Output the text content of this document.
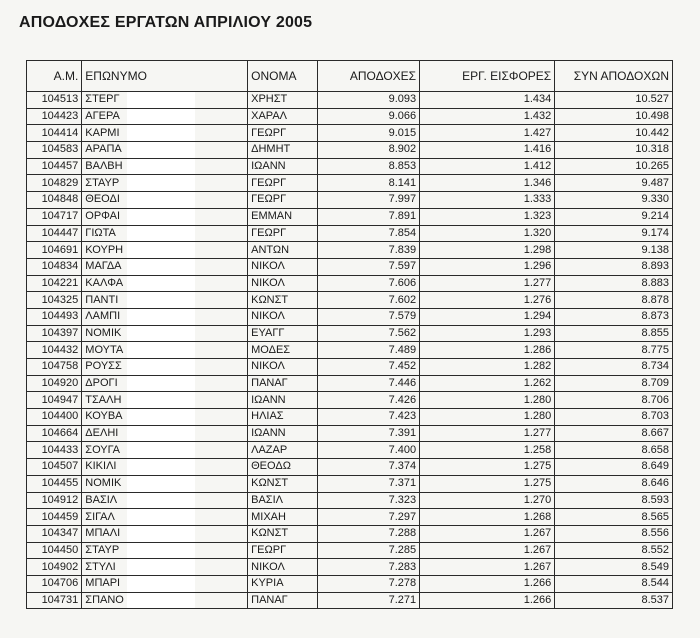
ΑΠΟΔΟΧΕΣ ΕΡΓΑΤΩΝ ΑΠΡΙΛΙΟΥ 2005
Α.Μ.	ΕΠΩΝΥΜΟ	ΟΝΟΜΑ	ΑΠΟΔΟΧΕΣ	ΕΡΓ. ΕΙΣΦΟΡΕΣ	ΣΥΝ ΑΠΟΔΟΧΩΝ
104513	ΣΤΕΡΓ	ΧΡΗΣΤ	9.093	1.434	10.527
104423	ΑΓΕΡΑ	ΧΑΡΑΛ	9.066	1.432	10.498
104414	ΚΑΡΜΙ	ΓΕΩΡΓ	9.015	1.427	10.442
104583	ΑΡΑΠΑ	ΔΗΜΗΤ	8.902	1.416	10.318
104457	ΒΑΛΒΗ	ΙΩΑΝΝ	8.853	1.412	10.265
104829	ΣΤΑΥΡ	ΓΕΩΡΓ	8.141	1.346	9.487
104848	ΘΕΟΔΙ	ΓΕΩΡΓ	7.997	1.333	9.330
104717	ΟΡΦΑΙ	ΕΜΜΑΝ	7.891	1.323	9.214
104447	ΓΙΩΤΑ	ΓΕΩΡΓ	7.854	1.320	9.174
104691	ΚΟΥΡΗ	ΑΝΤΩΝ	7.839	1.298	9.138
104834	ΜΑΓΔΑ	ΝΙΚΟΛ	7.597	1.296	8.893
104221	ΚΑΛΦΑ	ΝΙΚΟΛ	7.606	1.277	8.883
104325	ΠΑΝΤΙ	ΚΩΝΣΤ	7.602	1.276	8.878
104493	ΛΑΜΠΙ	ΝΙΚΟΛ	7.579	1.294	8.873
104397	ΝΟΜΙΚ	ΕΥΑΓΓ	7.562	1.293	8.855
104432	ΜΟΥΤΑ	ΜΟΔΕΣ	7.489	1.286	8.775
104758	ΡΟΥΣΣ	ΝΙΚΟΛ	7.452	1.282	8.734
104920	ΔΡΟΓΙ	ΠΑΝΑΓ	7.446	1.262	8.709
104947	ΤΣΑΛΗ	ΙΩΑΝΝ	7.426	1.280	8.706
104400	ΚΟΥΒΑ	ΗΛΙΑΣ	7.423	1.280	8.703
104664	ΔΕΛΗΙ	ΙΩΑΝΝ	7.391	1.277	8.667
104433	ΣΟΥΓΑ	ΛΑΖΑΡ	7.400	1.258	8.658
104507	ΚΙΚΙΛΙ	ΘΕΟΔΩ	7.374	1.275	8.649
104455	ΝΟΜΙΚ	ΚΩΝΣΤ	7.371	1.275	8.646
104912	ΒΑΣΙΛ	ΒΑΣΙΛ	7.323	1.270	8.593
104459	ΣΙΓΑΛ	ΜΙΧΑΗ	7.297	1.268	8.565
104347	ΜΠΑΛΙ	ΚΩΝΣΤ	7.288	1.267	8.556
104450	ΣΤΑΥΡ	ΓΕΩΡΓ	7.285	1.267	8.552
104902	ΣΤΥΛΙ	ΝΙΚΟΛ	7.283	1.267	8.549
104706	ΜΠΑΡΙ	ΚΥΡΙΑ	7.278	1.266	8.544
104731	ΣΠΑΝΟ	ΠΑΝΑΓ	7.271	1.266	8.537
